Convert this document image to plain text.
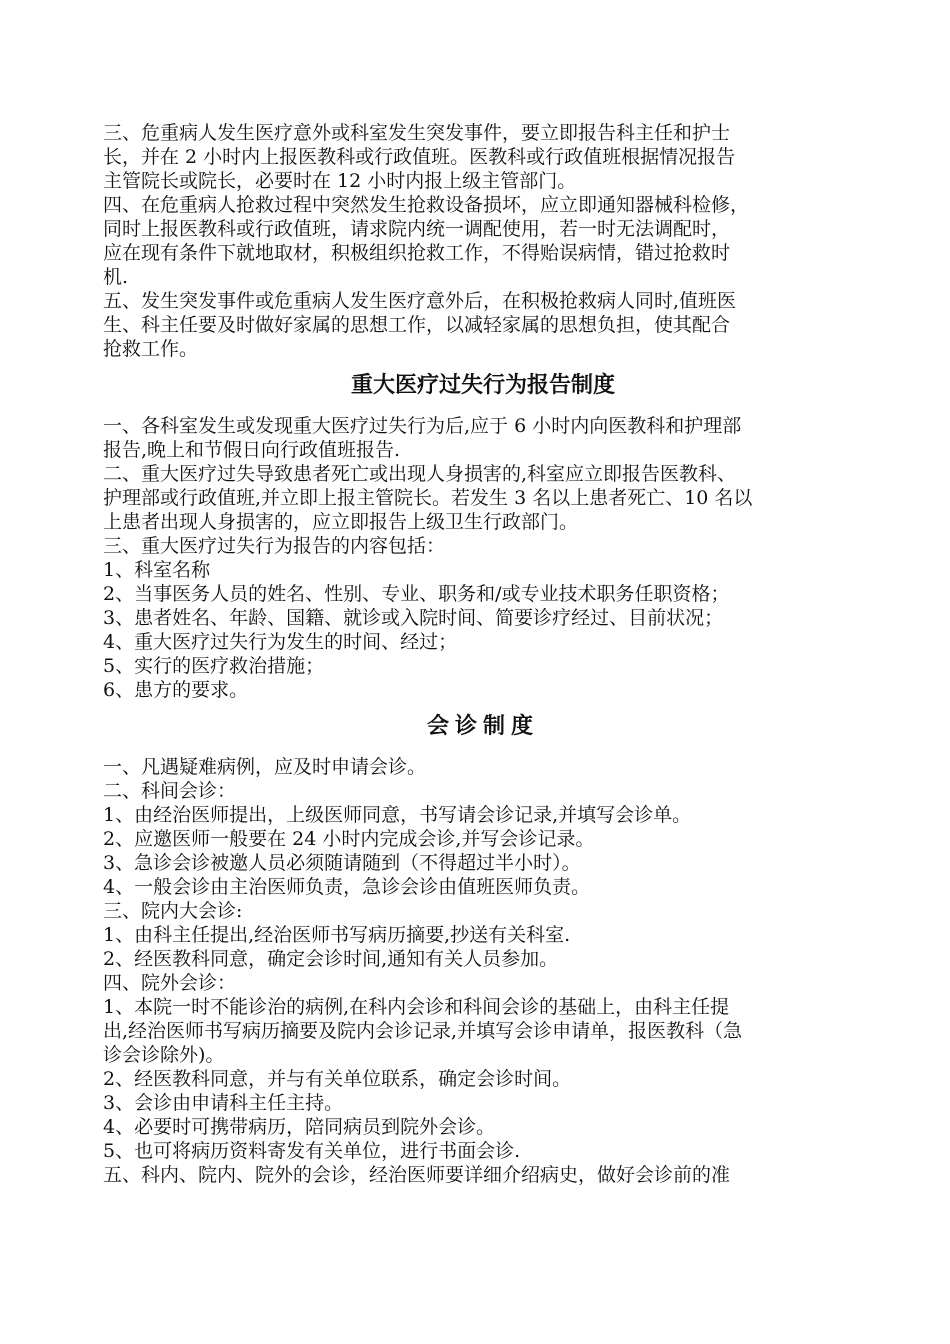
三、危重病人发生医疗意外或科室发生突发事件，要立即报告科主任和护士
长，并在 2 小时内上报医教科或行政值班。医教科或行政值班根据情况报告
主管院长或院长，必要时在 12 小时内报上级主管部门。
四、在危重病人抢救过程中突然发生抢救设备损坏，应立即通知器械科检修，
同时上报医教科或行政值班，请求院内统一调配使用，若一时无法调配时，
应在现有条件下就地取材，积极组织抢救工作，不得贻误病情，错过抢救时
机.
五、发生突发事件或危重病人发生医疗意外后，在积极抢救病人同时,值班医
生、科主任要及时做好家属的思想工作，以减轻家属的思想负担，使其配合
抢救工作。
重大医疗过失行为报告制度
一、各科室发生或发现重大医疗过失行为后,应于 6 小时内向医教科和护理部
报告,晚上和节假日向行政值班报告.
二、重大医疗过失导致患者死亡或出现人身损害的,科室应立即报告医教科、
护理部或行政值班,并立即上报主管院长。若发生 3 名以上患者死亡、10 名以
上患者出现人身损害的，应立即报告上级卫生行政部门。
三、重大医疗过失行为报告的内容包括：
1、科室名称
2、当事医务人员的姓名、性别、专业、职务和/或专业技术职务任职资格；
3、患者姓名、年龄、国籍、就诊或入院时间、简要诊疗经过、目前状况；
4、重大医疗过失行为发生的时间、经过；
5、实行的医疗救治措施；
6、患方的要求。
会诊制度
一、凡遇疑难病例，应及时申请会诊。
二、科间会诊：
1、由经治医师提出，上级医师同意，书写请会诊记录,并填写会诊单。
2、应邀医师一般要在 24 小时内完成会诊,并写会诊记录。
3、急诊会诊被邀人员必须随请随到（不得超过半小时）。
4、一般会诊由主治医师负责，急诊会诊由值班医师负责。
三、院内大会诊:
1、由科主任提出,经治医师书写病历摘要,抄送有关科室.
2、经医教科同意，确定会诊时间,通知有关人员参加。
四、院外会诊：
1、本院一时不能诊治的病例,在科内会诊和科间会诊的基础上，由科主任提
出,经治医师书写病历摘要及院内会诊记录,并填写会诊申请单，报医教科（急
诊会诊除外)。
2、经医教科同意，并与有关单位联系，确定会诊时间。
3、会诊由申请科主任主持。
4、必要时可携带病历，陪同病员到院外会诊。
5、也可将病历资料寄发有关单位，进行书面会诊.
五、科内、院内、院外的会诊，经治医师要详细介绍病史，做好会诊前的准
